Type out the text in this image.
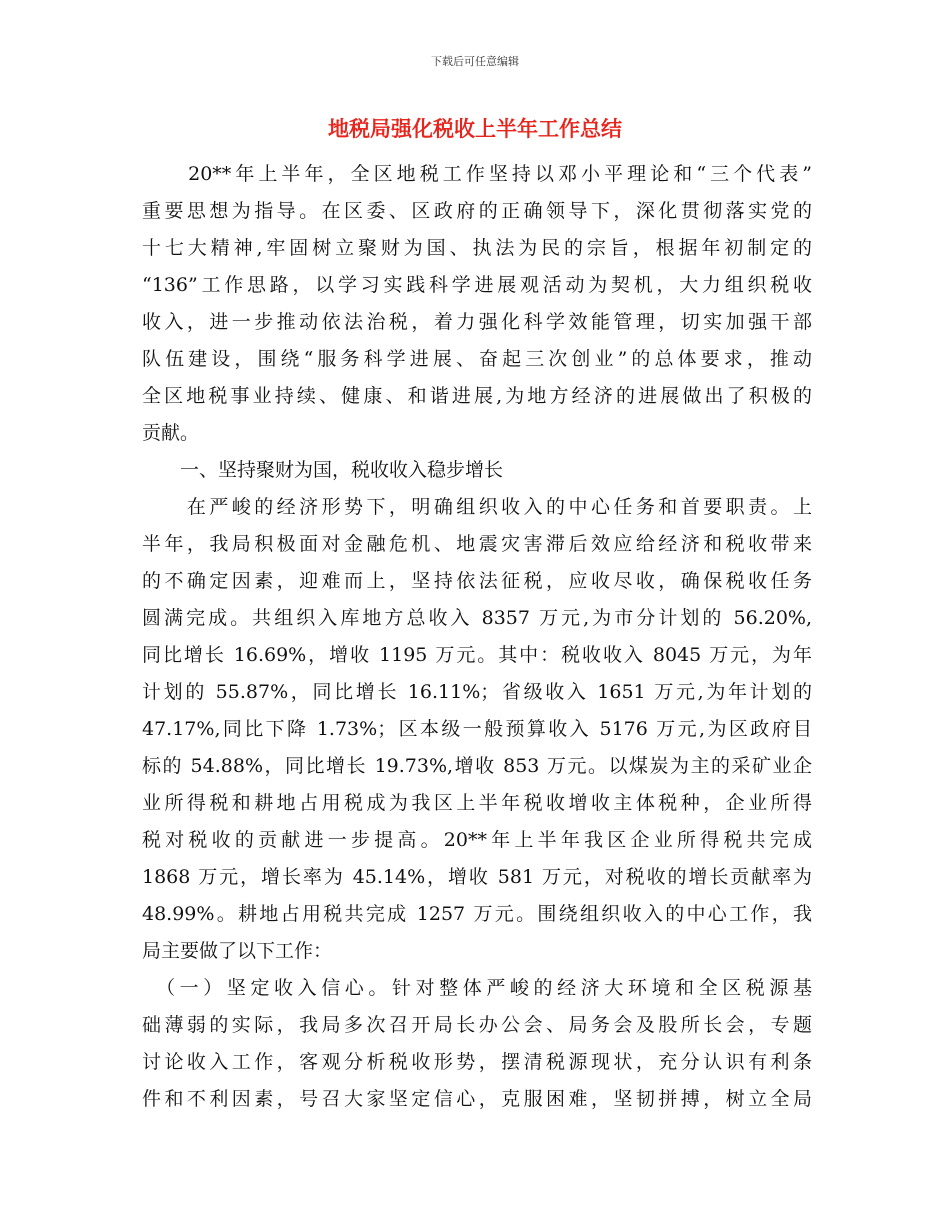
下载后可任意编辑
地税局强化税收上半年工作总结
　　20**年上半年，全区地税工作坚持以邓小平理论和“三个代表”
重要思想为指导。在区委、区政府的正确领导下，深化贯彻落实党的
十七大精神,牢固树立聚财为国、执法为民的宗旨，根据年初制定的
“136”工作思路，以学习实践科学进展观活动为契机，大力组织税收
收入，进一步推动依法治税，着力强化科学效能管理，切实加强干部
队伍建设，围绕“服务科学进展、奋起三次创业”的总体要求，推动
全区地税事业持续、健康、和谐进展,为地方经济的进展做出了积极的
贡献。
　　一、坚持聚财为国，税收收入稳步增长
　　在严峻的经济形势下，明确组织收入的中心任务和首要职责。上
半年，我局积极面对金融危机、地震灾害滞后效应给经济和税收带来
的不确定因素，迎难而上，坚持依法征税，应收尽收，确保税收任务
圆满完成。共组织入库地方总收入 8357 万元,为市分计划的 56.20%,
同比增长 16.69%，增收 1195 万元。其中：税收收入 8045 万元，为年
计划的 55.87%，同比增长 16.11%；省级收入 1651 万元,为年计划的
47.17%,同比下降 1.73%；区本级一般预算收入 5176 万元,为区政府目
标的 54.88%，同比增长 19.73%,增收 853 万元。以煤炭为主的采矿业企
业所得税和耕地占用税成为我区上半年税收增收主体税种，企业所得
税对税收的贡献进一步提高。20**年上半年我区企业所得税共完成
1868 万元，增长率为 45.14%，增收 581 万元，对税收的增长贡献率为
48.99%。耕地占用税共完成 1257 万元。围绕组织收入的中心工作，我
局主要做了以下工作：
　（一）坚定收入信心。针对整体严峻的经济大环境和全区税源基
础薄弱的实际，我局多次召开局长办公会、局务会及股所长会，专题
讨论收入工作，客观分析税收形势，摆清税源现状，充分认识有利条
件和不利因素，号召大家坚定信心，克服困难，坚韧拼搏，树立全局
